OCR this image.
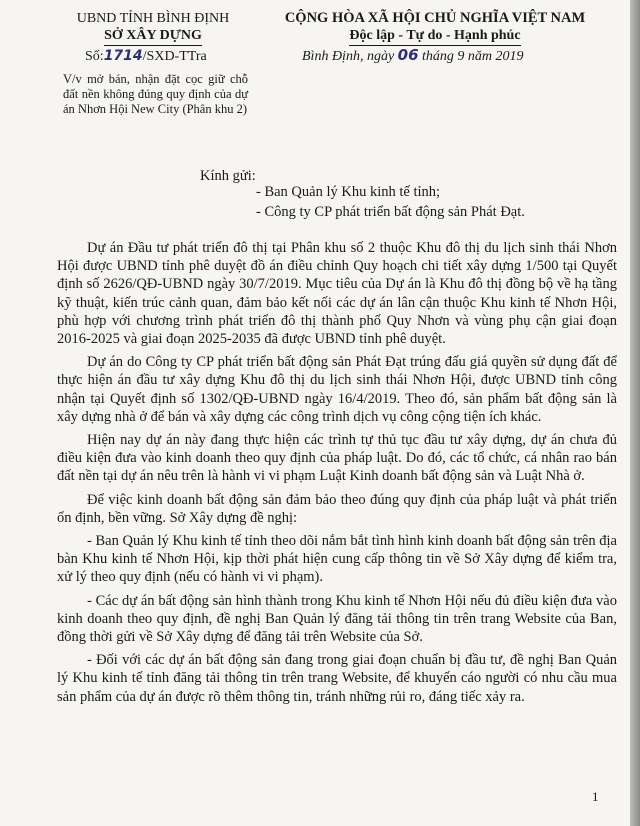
UBND TỈNH BÌNH ĐỊNH
SỞ XÂY DỰNG
CỘNG HÒA XÃ HỘI CHỦ NGHĨA VIỆT NAM
Độc lập - Tự do - Hạnh phúc
Số:1714/SXD-TTra	Bình Định, ngày 06 tháng 9 năm 2019
V/v mở bán, nhận đặt cọc giữ chỗ đất nền không đúng quy định của dự án Nhơn Hội New City (Phân khu 2)
Kính gửi:
- Ban Quản lý Khu kinh tế tỉnh;
- Công ty CP phát triển bất động sản Phát Đạt.

Dự án Đầu tư phát triển đô thị tại Phân khu số 2 thuộc Khu đô thị du lịch sinh thái Nhơn Hội được UBND tỉnh phê duyệt đồ án điều chỉnh Quy hoạch chi tiết xây dựng 1/500 tại Quyết định số 2626/QĐ-UBND ngày 30/7/2019. Mục tiêu của Dự án là Khu đô thị đồng bộ về hạ tầng kỹ thuật, kiến trúc cảnh quan, đảm bảo kết nối các dự án lân cận thuộc Khu kinh tế Nhơn Hội, phù hợp với chương trình phát triển đô thị thành phố Quy Nhơn và vùng phụ cận giai đoạn 2016-2025 và giai đoạn 2025-2035 đã được UBND tỉnh phê duyệt.

Dự án do Công ty CP phát triển bất động sản Phát Đạt trúng đấu giá quyền sử dụng đất để thực hiện án đầu tư xây dựng Khu đô thị du lịch sinh thái Nhơn Hội, được UBND tỉnh công nhận tại Quyết định số 1302/QĐ-UBND ngày 16/4/2019. Theo đó, sản phẩm bất động sản là xây dựng nhà ở để bán và xây dựng các công trình dịch vụ công cộng tiện ích khác.

Hiện nay dự án này đang thực hiện các trình tự thủ tục đầu tư xây dựng, dự án chưa đủ điều kiện đưa vào kinh doanh theo quy định của pháp luật. Do đó, các tổ chức, cá nhân rao bán đất nền tại dự án nêu trên là hành vi vi phạm Luật Kinh doanh bất động sản và Luật Nhà ở.

Để việc kinh doanh bất động sản đảm bảo theo đúng quy định của pháp luật và phát triển ổn định, bền vững. Sở Xây dựng đề nghị:

- Ban Quản lý Khu kinh tế tỉnh theo dõi nắm bắt tình hình kinh doanh bất động sản trên địa bàn Khu kinh tế Nhơn Hội, kịp thời phát hiện cung cấp thông tin về Sở Xây dựng để kiểm tra, xử lý theo quy định (nếu có hành vi vi phạm).

- Các dự án bất động sản hình thành trong Khu kinh tế Nhơn Hội nếu đủ điều kiện đưa vào kinh doanh theo quy định, đề nghị Ban Quản lý đăng tải thông tin trên trang Website của Ban, đồng thời gửi về Sở Xây dựng để đăng tải trên Website của Sở.

- Đối với các dự án bất động sản đang trong giai đoạn chuẩn bị đầu tư, đề nghị Ban Quản lý Khu kinh tế tỉnh đăng tải thông tin trên trang Website, để khuyến cáo người có nhu cầu mua sản phẩm của dự án được rõ thêm thông tin, tránh những rủi ro, đáng tiếc xảy ra.

1
